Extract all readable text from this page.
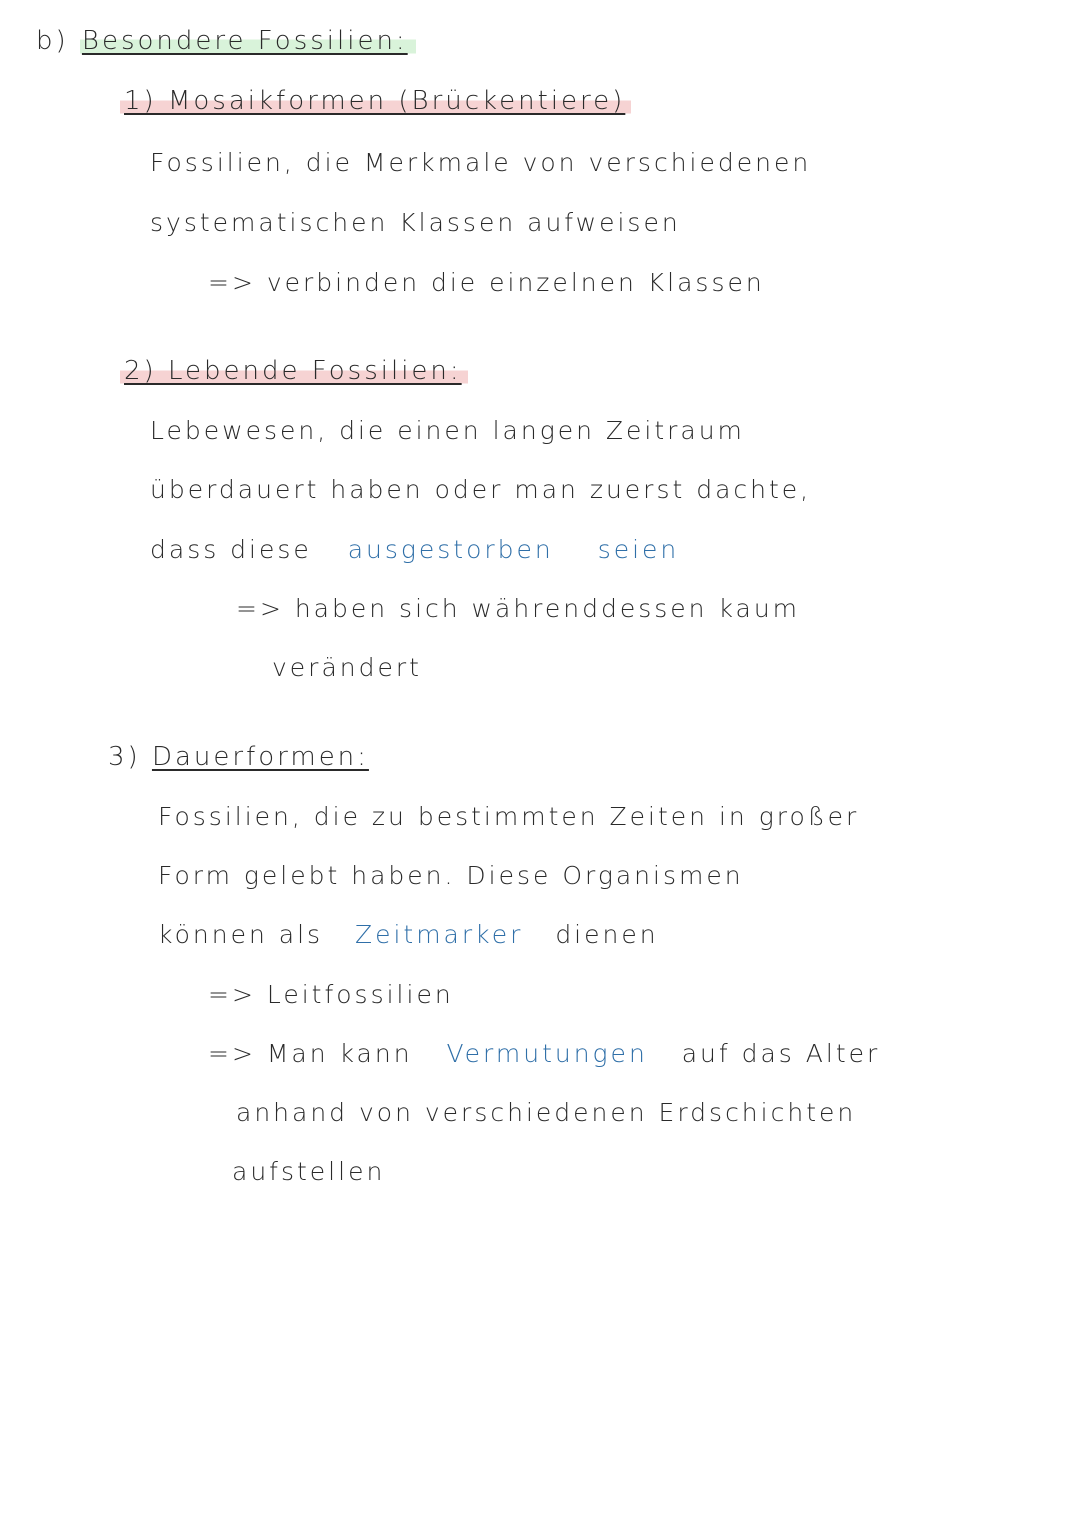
b) Besondere Fossilien:
1) Mosaikformen (Brückentiere)
Fossilien, die Merkmale von verschiedenen
systematischen Klassen aufweisen
=> verbinden die einzelnen Klassen
2) Lebende Fossilien:
Lebewesen, die einen langen Zeitraum
überdauert haben oder man zuerst dachte,
dass diese ausgestorben seien
=> haben sich währenddessen kaum
verändert
3) Dauerformen:
Fossilien, die zu bestimmten Zeiten in großer
Form gelebt haben. Diese Organismen
können als Zeitmarker dienen
=> Leitfossilien
=> Man kann Vermutungen auf das Alter
anhand von verschiedenen Erdschichten
aufstellen
